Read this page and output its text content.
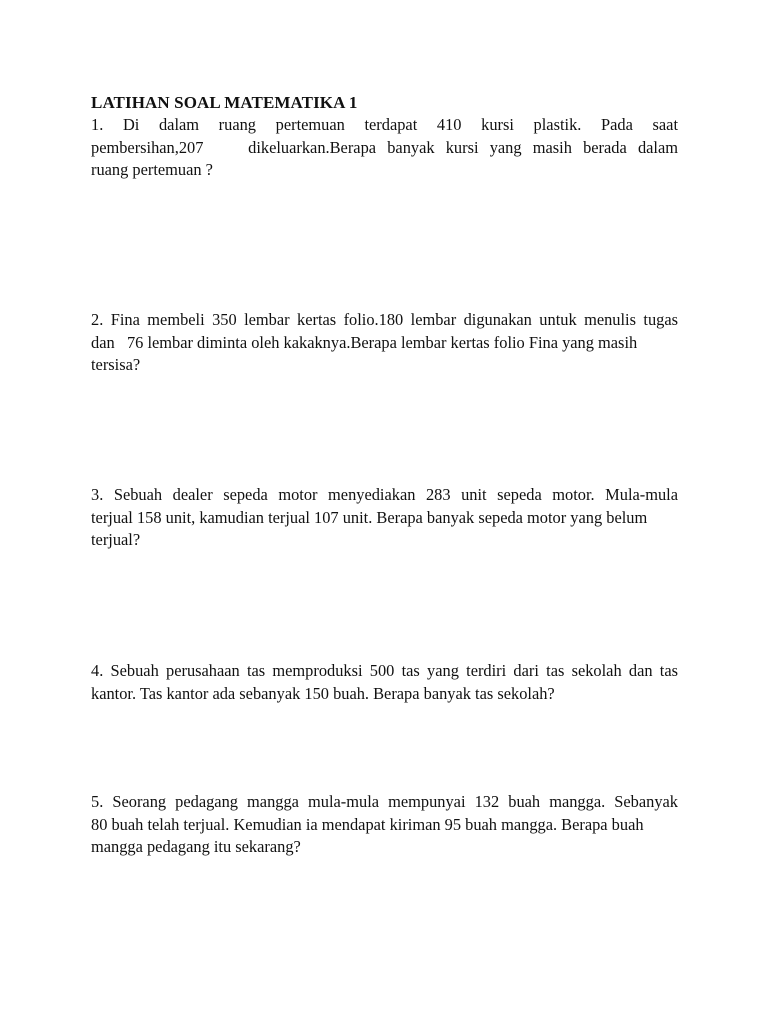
LATIHAN SOAL MATEMATIKA 1
1. Di dalam ruang pertemuan terdapat 410 kursi plastik. Pada saat
pembersihan,207    dikeluarkan.Berapa banyak kursi yang masih berada dalam
ruang pertemuan ?
2. Fina membeli 350 lembar kertas folio.180 lembar digunakan untuk menulis tugas
dan   76 lembar diminta oleh kakaknya.Berapa lembar kertas folio Fina yang masih
tersisa?
3. Sebuah dealer sepeda motor menyediakan 283 unit sepeda motor. Mula-mula
terjual 158 unit, kamudian terjual 107 unit. Berapa banyak sepeda motor yang belum
terjual?
4. Sebuah perusahaan tas memproduksi 500 tas yang terdiri dari tas sekolah dan tas
kantor. Tas kantor ada sebanyak 150 buah. Berapa banyak tas sekolah?
5. Seorang pedagang mangga mula-mula mempunyai 132 buah mangga. Sebanyak
80 buah telah terjual. Kemudian ia mendapat kiriman 95 buah mangga. Berapa buah
mangga pedagang itu sekarang?
